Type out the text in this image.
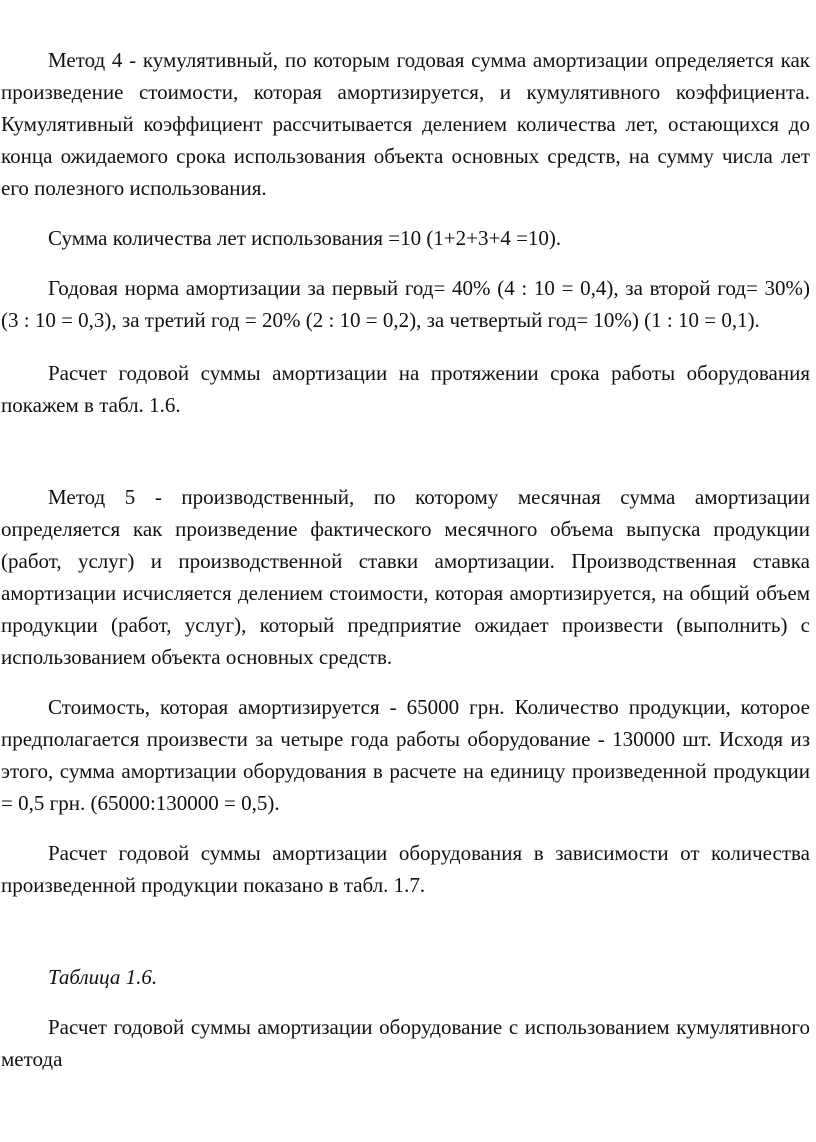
Метод 4 - кумулятивный, по которым годовая сумма амортизации определяется как произведение стоимости, которая амортизируется, и кумулятивного коэффициента. Кумулятивный коэффициент рассчитывается делением количества лет, остающихся до конца ожидаемого срока использования объекта основных средств, на сумму числа лет его полезного использования.

Сумма количества лет использования =10 (1+2+3+4 =10).

Годовая норма амортизации за первый год= 40% (4 : 10 = 0,4), за второй год= 30%) (3 : 10 = 0,3), за третий год = 20% (2 : 10 = 0,2), за четвертый год= 10%) (1 : 10 = 0,1).

Расчет годовой суммы амортизации на протяжении срока работы оборудования покажем в табл. 1.6.

Метод 5 - производственный, по которому месячная сумма амортизации определяется как произведение фактического месячного объема выпуска продукции (работ, услуг) и производственной ставки амортизации. Производственная ставка амортизации исчисляется делением стоимости, которая амортизируется, на общий объем продукции (работ, услуг), который предприятие ожидает произвести (выполнить) с использованием объекта основных средств.

Стоимость, которая амортизируется - 65000 грн. Количество продукции, которое предполагается произвести за четыре года работы оборудование - 130000 шт. Исходя из этого, сумма амортизации оборудования в расчете на единицу произведенной продукции = 0,5 грн. (65000:130000 = 0,5).

Расчет годовой суммы амортизации оборудования в зависимости от количества произведенной продукции показано в табл. 1.7.

Таблица 1.6.

Расчет годовой суммы амортизации оборудование с использованием кумулятивного метода
